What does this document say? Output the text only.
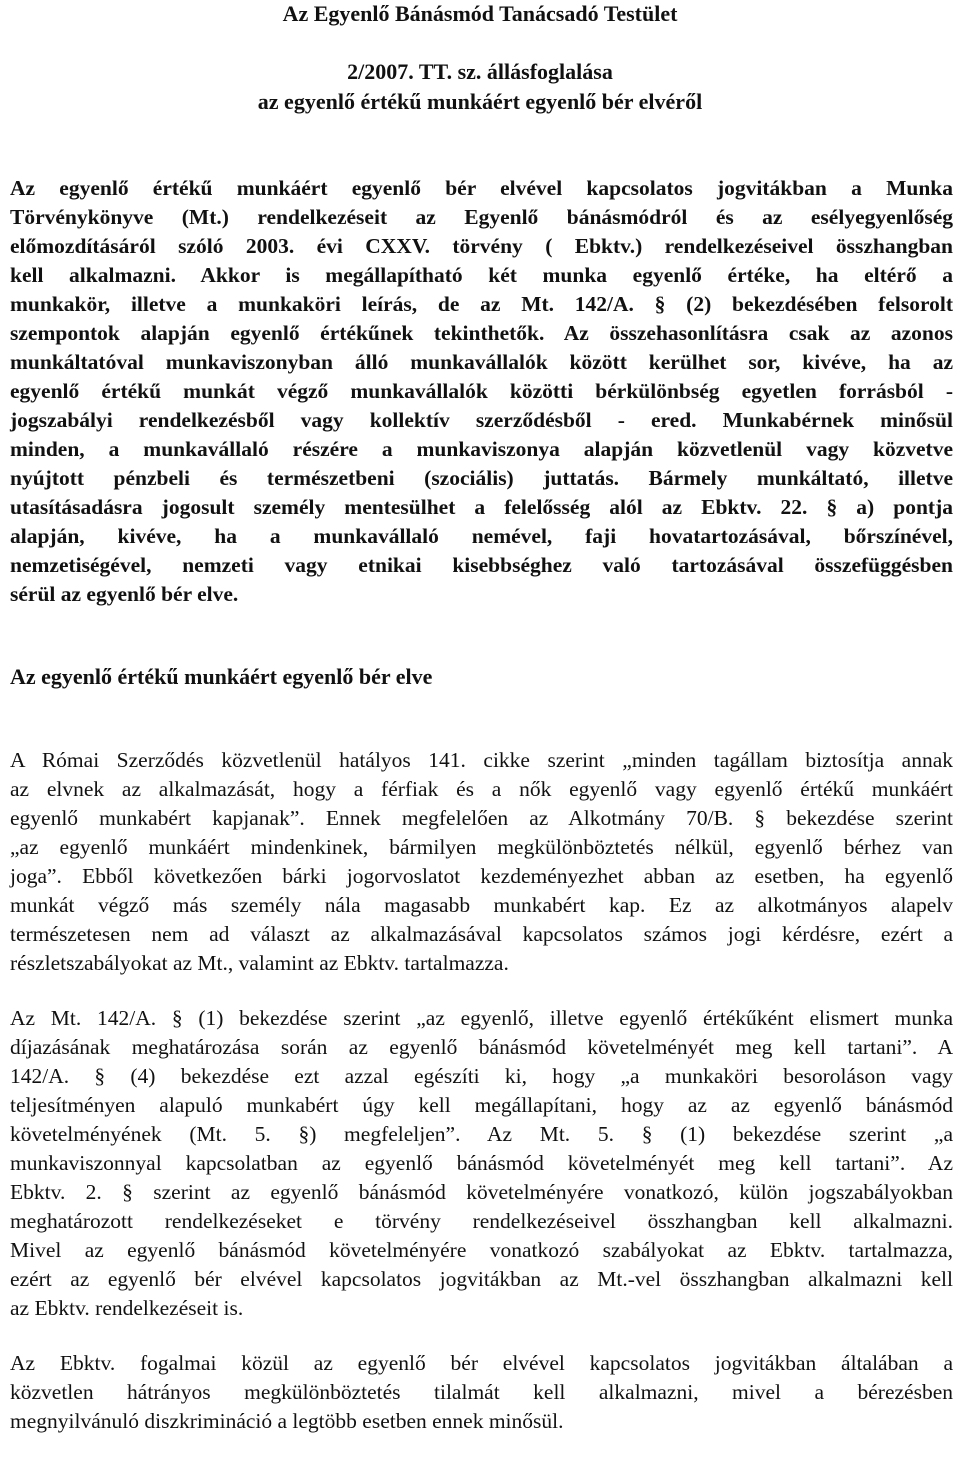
Az Egyenlő Bánásmód Tanácsadó Testület
2/2007. TT. sz. állásfoglalása
az egyenlő értékű munkáért egyenlő bér elvéről
Az egyenlő értékű munkáért egyenlő bér elvével kapcsolatos jogvitákban a Munka
Törvénykönyve (Mt.) rendelkezéseit az Egyenlő bánásmódról és az esélyegyenlőség
előmozdításáról szóló 2003. évi CXXV. törvény ( Ebktv.) rendelkezéseivel összhangban
kell alkalmazni. Akkor is megállapítható két munka egyenlő értéke, ha eltérő a
munkakör, illetve a munkaköri leírás, de az Mt. 142/A. § (2) bekezdésében felsorolt
szempontok alapján egyenlő értékűnek tekinthetők. Az összehasonlításra csak az azonos
munkáltatóval munkaviszonyban álló munkavállalók között kerülhet sor, kivéve, ha az
egyenlő értékű munkát végző munkavállalók közötti bérkülönbség egyetlen forrásból -
jogszabályi rendelkezésből vagy kollektív szerződésből - ered. Munkabérnek minősül
minden, a munkavállaló részére a munkaviszonya alapján közvetlenül vagy közvetve
nyújtott pénzbeli és természetbeni (szociális) juttatás. Bármely munkáltató, illetve
utasításadásra jogosult személy mentesülhet a felelősség alól az Ebktv. 22. § a) pontja
alapján, kivéve, ha a munkavállaló nemével, faji hovatartozásával, bőrszínével,
nemzetiségével, nemzeti vagy etnikai kisebbséghez való tartozásával összefüggésben
sérül az egyenlő bér elve.
Az egyenlő értékű munkáért egyenlő bér elve
A Római Szerződés közvetlenül hatályos 141. cikke szerint „minden tagállam biztosítja annak
az elvnek az alkalmazását, hogy a férfiak és a nők egyenlő vagy egyenlő értékű munkáért
egyenlő munkabért kapjanak”. Ennek megfelelően az Alkotmány 70/B. § bekezdése szerint
„az egyenlő munkáért mindenkinek, bármilyen megkülönböztetés nélkül, egyenlő bérhez van
joga”. Ebből következően bárki jogorvoslatot kezdeményezhet abban az esetben, ha egyenlő
munkát végző más személy nála magasabb munkabért kap. Ez az alkotmányos alapelv
természetesen nem ad választ az alkalmazásával kapcsolatos számos jogi kérdésre, ezért a
részletszabályokat az Mt., valamint az Ebktv. tartalmazza.
Az Mt. 142/A. § (1) bekezdése szerint „az egyenlő, illetve egyenlő értékűként elismert munka
díjazásának meghatározása során az egyenlő bánásmód követelményét meg kell tartani”. A
142/A. § (4) bekezdése ezt azzal egészíti ki, hogy „a munkaköri besoroláson vagy
teljesítményen alapuló munkabért úgy kell megállapítani, hogy az az egyenlő bánásmód
követelményének (Mt. 5. §) megfeleljen”. Az Mt. 5. § (1) bekezdése szerint „a
munkaviszonnyal kapcsolatban az egyenlő bánásmód követelményét meg kell tartani”. Az
Ebktv. 2. § szerint az egyenlő bánásmód követelményére vonatkozó, külön jogszabályokban
meghatározott rendelkezéseket e törvény rendelkezéseivel összhangban kell alkalmazni.
Mivel az egyenlő bánásmód követelményére vonatkozó szabályokat az Ebktv. tartalmazza,
ezért az egyenlő bér elvével kapcsolatos jogvitákban az Mt.-vel összhangban alkalmazni kell
az Ebktv. rendelkezéseit is.
Az Ebktv. fogalmai közül az egyenlő bér elvével kapcsolatos jogvitákban általában a
közvetlen hátrányos megkülönböztetés tilalmát kell alkalmazni, mivel a bérezésben
megnyilvánuló diszkrimináció a legtöbb esetben ennek minősül.
